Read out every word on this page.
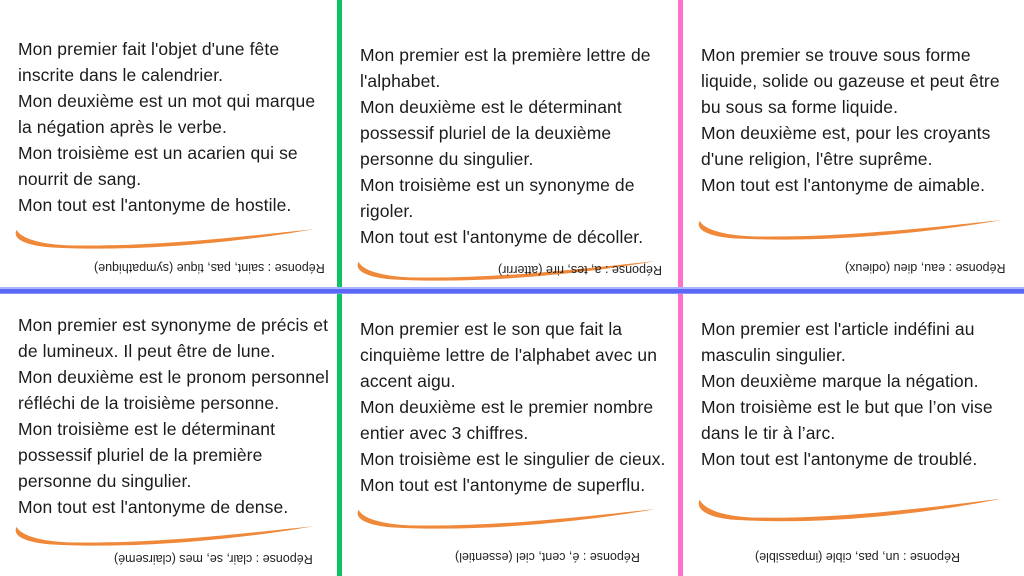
Mon premier fait l'objet d'une fête inscrite dans le calendrier.
Mon deuxième est un mot qui marque la négation après le verbe.
Mon troisième est un acarien qui se nourrit de sang.
Mon tout est l'antonyme de hostile.
Réponse : saint, pas, tique (sympathique)
Mon premier est la première lettre de l'alphabet.
Mon deuxième est le déterminant possessif pluriel de la deuxième personne du singulier.
Mon troisième est un synonyme de rigoler.
Mon tout est l'antonyme de décoller.
Réponse : a, tes, rire (atterrir)
Mon premier se trouve sous forme liquide, solide ou gazeuse et peut être bu sous sa forme liquide.
Mon deuxième est, pour les croyants d'une religion, l'être suprême.
Mon tout est l'antonyme de aimable.
Réponse : eau, dieu (odieux)
Mon premier est synonyme de précis et de lumineux. Il peut être de lune.
Mon deuxième est le pronom personnel réfléchi de la troisième personne.
Mon troisième est le déterminant possessif pluriel de la première personne du singulier.
Mon tout est l'antonyme de dense.
Réponse : clair, se, mes (clairsemé)
Mon premier est le son que fait la cinquième lettre de l'alphabet avec un accent aigu.
Mon deuxième est le premier nombre entier avec 3 chiffres.
Mon troisième est le singulier de cieux.
Mon tout est l'antonyme de superflu.
Réponse : é, cent, ciel (essentiel)
Mon premier est l'article indéfini au masculin singulier.
Mon deuxième marque la négation.
Mon troisième est le but que l’on vise dans le tir à l’arc.
Mon tout est l'antonyme de troublé.
Réponse : un, pas, cible (impassible)
